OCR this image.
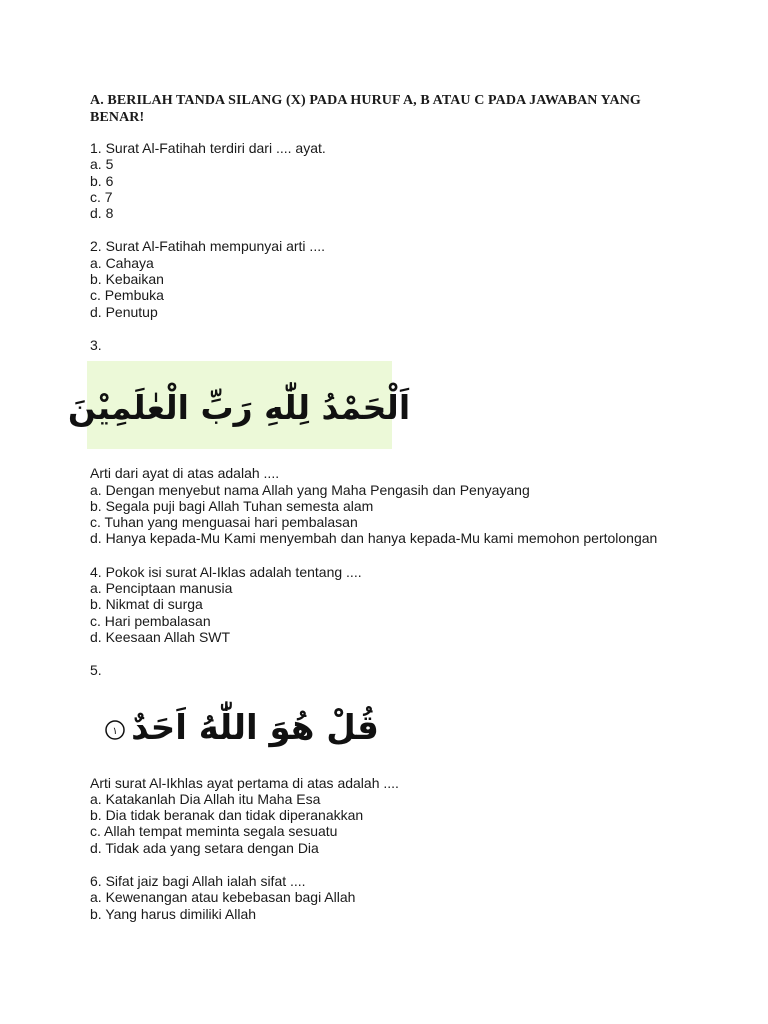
A. BERILAH TANDA SILANG (X) PADA HURUF A, B ATAU C PADA JAWABAN YANG BENAR!
1. Surat Al-Fatihah terdiri dari .... ayat.
a. 5
b. 6
c. 7
d. 8
2. Surat Al-Fatihah mempunyai arti ....
a. Cahaya
b. Kebaikan
c. Pembuka
d. Penutup
3.
اَلْحَمْدُ لِلّٰهِ رَبِّ الْعٰلَمِيْنَ
Arti dari ayat di atas adalah ....
a. Dengan menyebut nama Allah yang Maha Pengasih dan Penyayang
b. Segala puji bagi Allah Tuhan semesta alam
c. Tuhan yang menguasai hari pembalasan
d. Hanya kepada-Mu Kami menyembah dan hanya kepada-Mu kami memohon pertolongan
4. Pokok isi surat Al-Iklas adalah tentang ....
a. Penciptaan manusia
b. Nikmat di surga
c. Hari pembalasan
d. Keesaan Allah SWT
5.
١ قُلْ هُوَ اللّٰهُ اَحَدٌ
Arti surat Al-Ikhlas ayat pertama di atas adalah ....
a. Katakanlah Dia Allah itu Maha Esa
b. Dia tidak beranak dan tidak diperanakkan
c. Allah tempat meminta segala sesuatu
d. Tidak ada yang setara dengan Dia
6. Sifat jaiz bagi Allah ialah sifat ....
a. Kewenangan atau kebebasan bagi Allah
b. Yang harus dimiliki Allah
